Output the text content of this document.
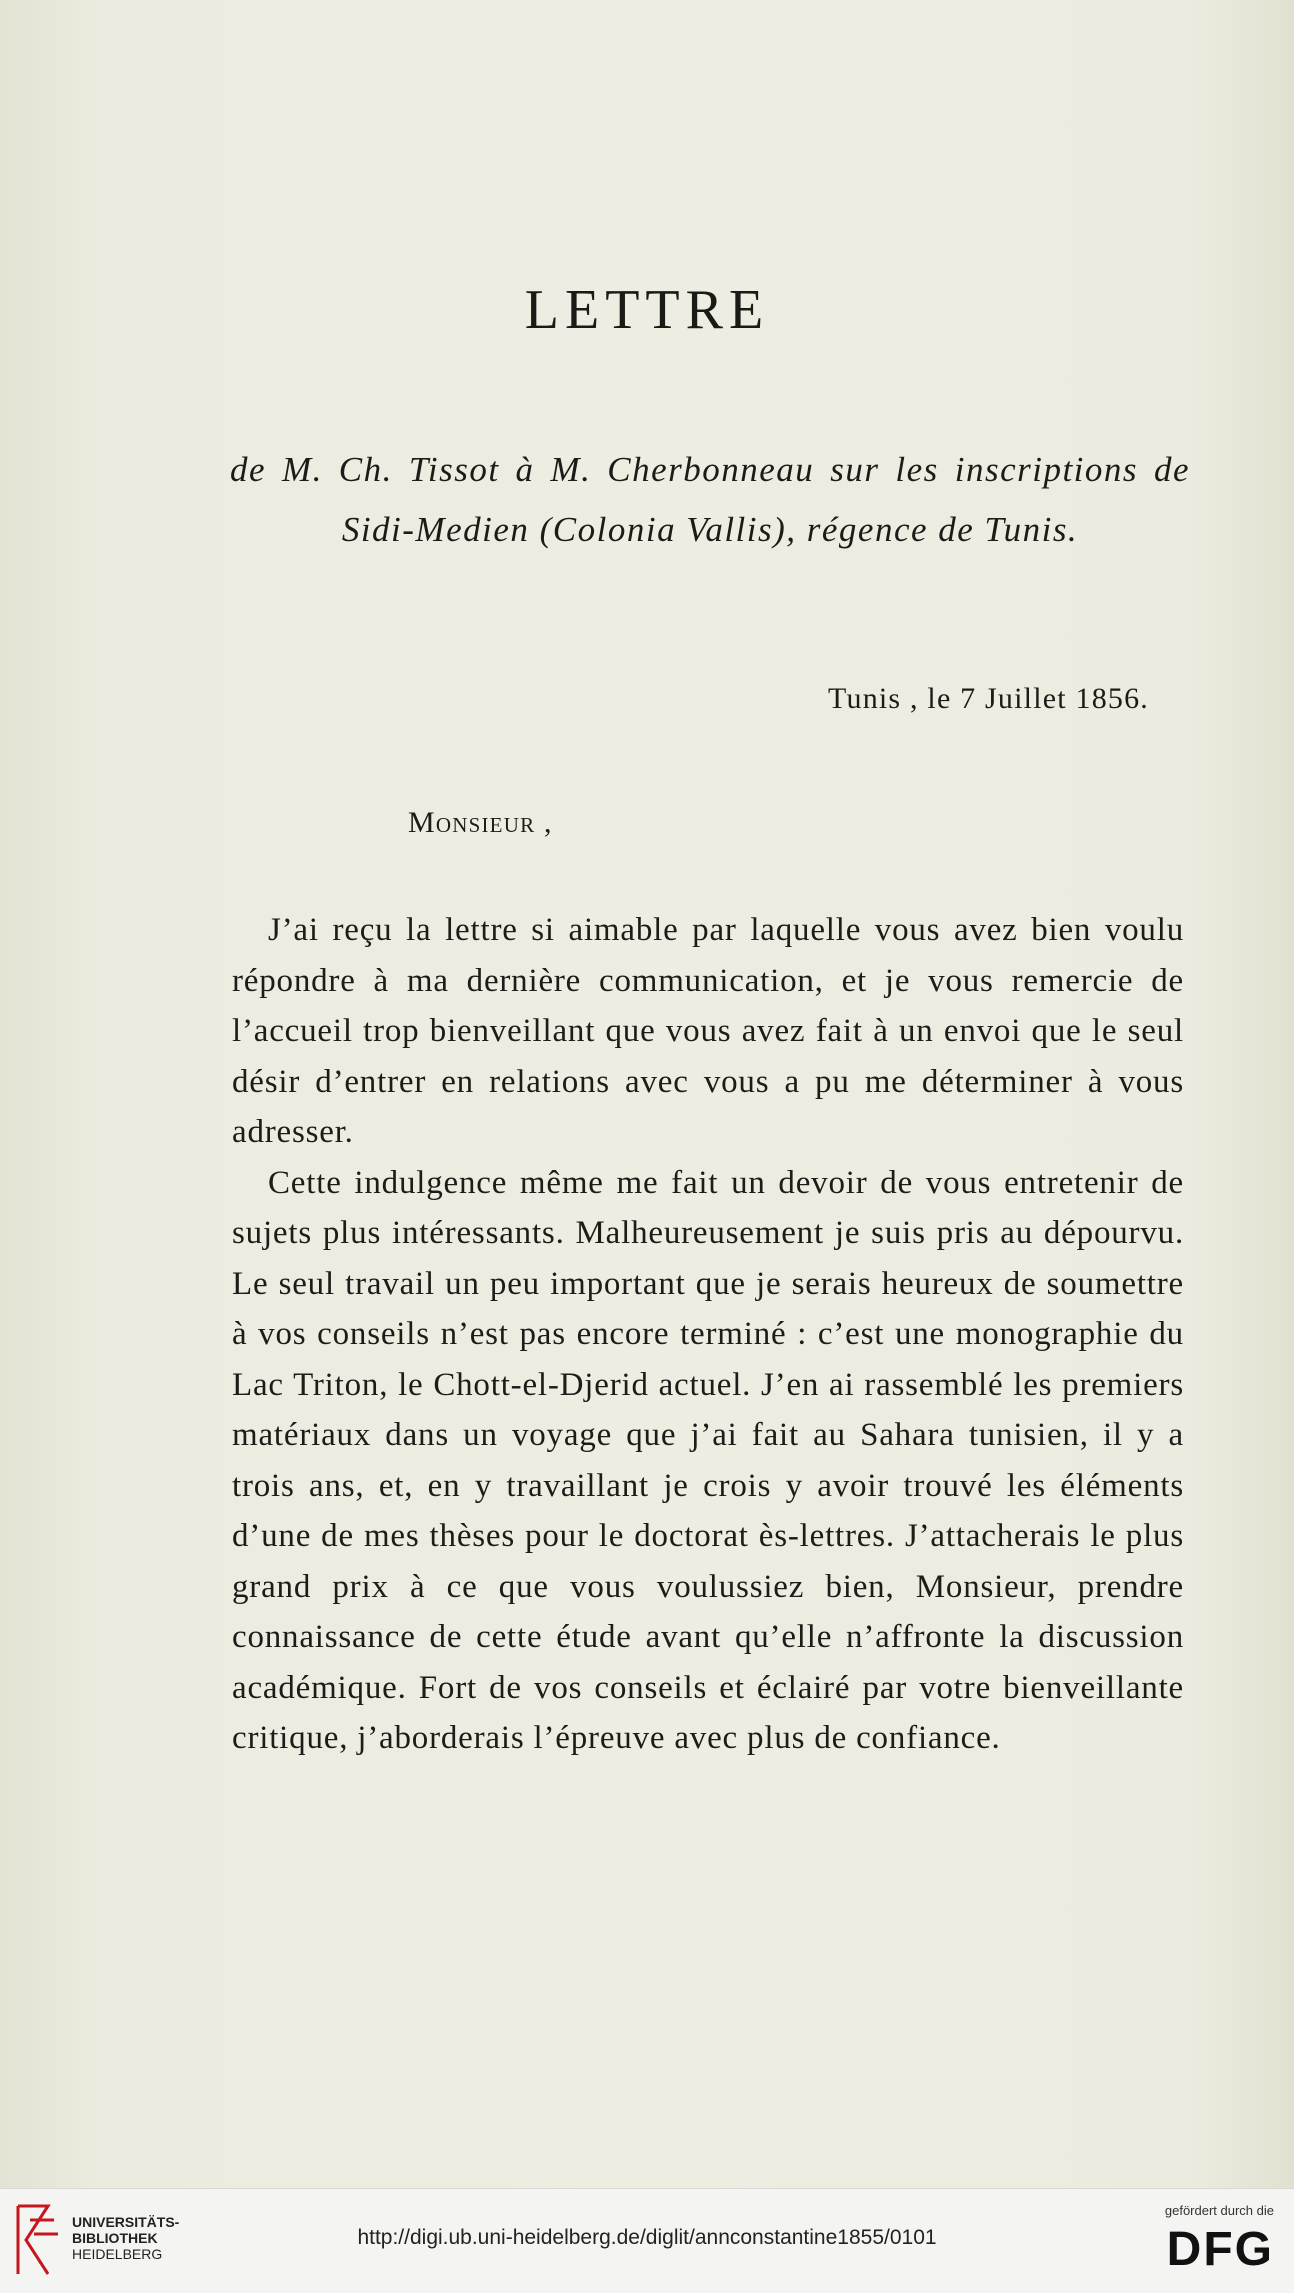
LETTRE
de M. Ch. Tissot à M. Cherbonneau sur les inscriptions de
Sidi-Medien (Colonia Vallis), régence de Tunis.
Tunis , le 7 Juillet 1856.
Monsieur ,

J’ai reçu la lettre si aimable par laquelle vous avez bien voulu répondre à ma dernière communication, et je vous remercie de l’accueil trop bienveillant que vous avez fait à un envoi que le seul désir d’entrer en relations avec vous a pu me déterminer à vous adresser.

Cette indulgence même me fait un devoir de vous entretenir de sujets plus intéressants. Malheureusement je suis pris au dépourvu. Le seul travail un peu important que je serais heureux de soumettre à vos conseils n’est pas encore terminé : c’est une monographie du Lac Triton, le Chott-el-Djerid actuel. J’en ai rassemblé les premiers matériaux dans un voyage que j’ai fait au Sahara tunisien, il y a trois ans, et, en y travaillant je crois y avoir trouvé les éléments d’une de mes thèses pour le doctorat ès-lettres. J’attacherais le plus grand prix à ce que vous voulussiez bien, Monsieur, prendre connaissance de cette étude avant qu’elle n’affronte la discussion académique. Fort de vos conseils et éclairé par votre bienveillante critique, j’aborderais l’épreuve avec plus de confiance.

UNIVERSITÄTS-
BIBLIOTHEK
HEIDELBERG
http://digi.ub.uni-heidelberg.de/diglit/annconstantine1855/0101
gefördert durch die
DFG
